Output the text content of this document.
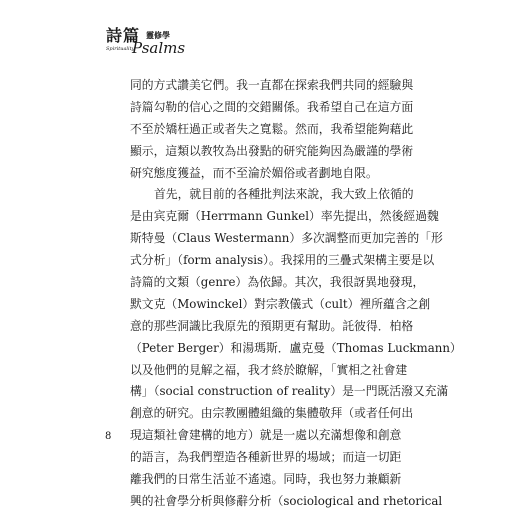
詩篇 靈修學
Spirituality
Psalms
同的方式讚美它們。我一直都在探索我們共同的經驗與
詩篇勾勒的信心之間的交錯關係。我希望自己在這方面
不至於矯枉過正或者失之寬鬆。然而，我希望能夠藉此
顯示，這類以教牧為出發點的研究能夠因為嚴謹的學術
研究態度獲益，而不至淪於媚俗或者劃地自限。
首先，就目前的各種批判法來說，我大致上依循的
是由宾克爾（Herrmann Gunkel）率先提出，然後經過魏
斯特曼（Claus Westermann）多次調整而更加完善的「形
式分析」（form analysis）。我採用的三疊式架構主要是以
詩篇的文類（genre）為依歸。其次，我很訝異地發現，
默文克（Mowinckel）對宗教儀式（cult）裡所蘊含之創
意的那些洞識比我原先的預期更有幫助。託彼得．柏格
（Peter Berger）和湯瑪斯．盧克曼（Thomas Luckmann）
以及他們的見解之福，我才終於瞭解，「實相之社會建
構」（social construction of reality）是一門既活潑又充滿
創意的研究。由宗教團體組織的集體敬拜（或者任何出
現這類社會建構的地方）就是一處以充滿想像和創意
的語言，為我們塑造各種新世界的場域；而這一切距
離我們的日常生活並不遙遠。同時，我也努力兼顧新
興的社會學分析與修辭分析（sociological and rhetorical
8
